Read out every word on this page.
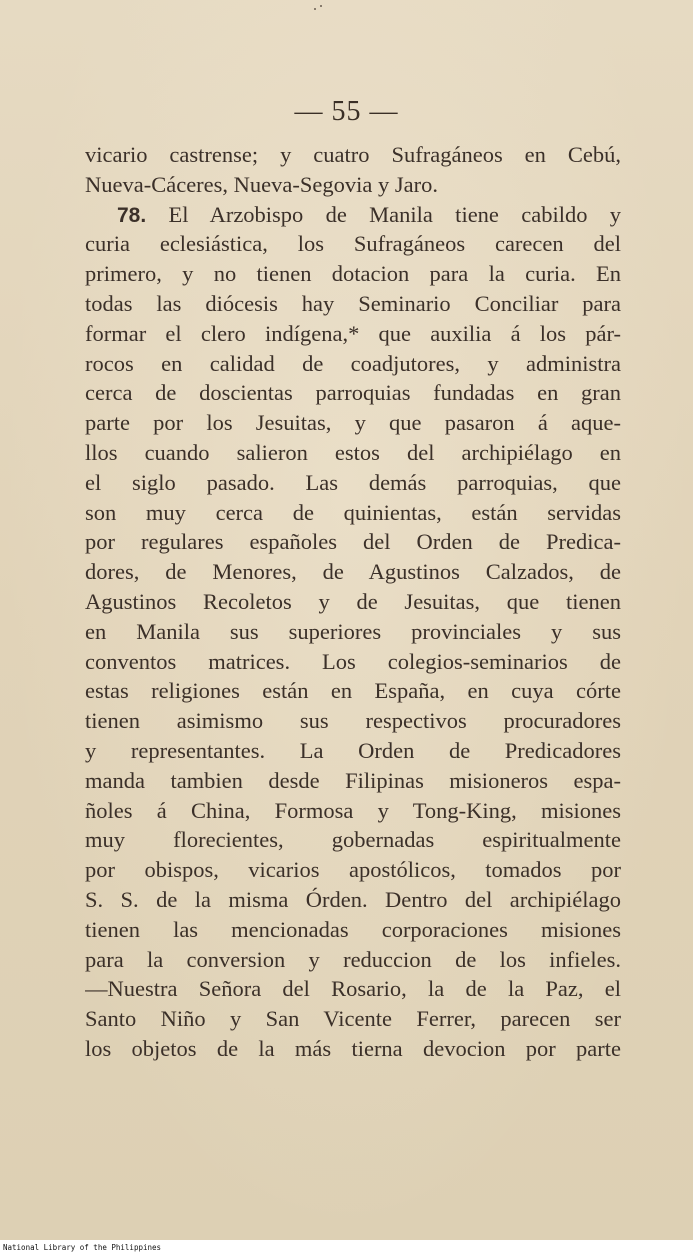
— 55 —
vicario castrense; y cuatro Sufragáneos en Cebú,
Nueva-Cáceres, Nueva-Segovia y Jaro.
78. El Arzobispo de Manila tiene cabildo y
curia eclesiástica, los Sufragáneos carecen del
primero, y no tienen dotacion para la curia. En
todas las diócesis hay Seminario Conciliar para
formar el clero indígena,* que auxilia á los pár-
rocos en calidad de coadjutores, y administra
cerca de doscientas parroquias fundadas en gran
parte por los Jesuitas, y que pasaron á aque-
llos cuando salieron estos del archipiélago en
el siglo pasado. Las demás parroquias, que
son muy cerca de quinientas, están servidas
por regulares españoles del Orden de Predica-
dores, de Menores, de Agustinos Calzados, de
Agustinos Recoletos y de Jesuitas, que tienen
en Manila sus superiores provinciales y sus
conventos matrices. Los colegios-seminarios de
estas religiones están en España, en cuya córte
tienen asimismo sus respectivos procuradores
y representantes. La Orden de Predicadores
manda tambien desde Filipinas misioneros espa-
ñoles á China, Formosa y Tong-King, misiones
muy florecientes, gobernadas espiritualmente
por obispos, vicarios apostólicos, tomados por
S. S. de la misma Órden. Dentro del archipiélago
tienen las mencionadas corporaciones misiones
para la conversion y reduccion de los infieles.
—Nuestra Señora del Rosario, la de la Paz, el
Santo Niño y San Vicente Ferrer, parecen ser
los objetos de la más tierna devocion por parte
National Library of the Philippines
